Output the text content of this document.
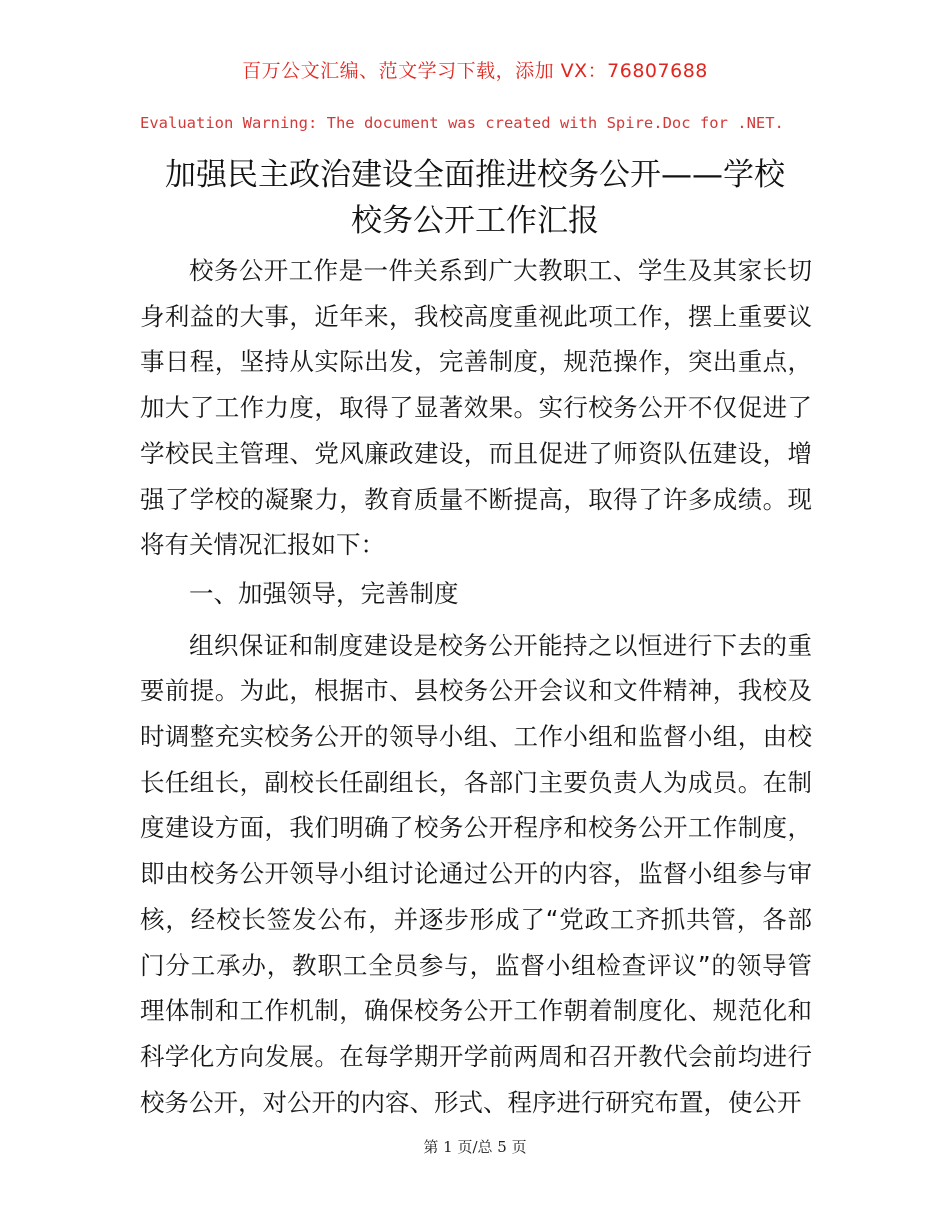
百万公文汇编、范文学习下载，添加 VX：76807688
Evaluation Warning: The document was created with Spire.Doc for .NET.
加强民主政治建设全面推进校务公开——学校
校务公开工作汇报

校务公开工作是一件关系到广大教职工、学生及其家长切身利益的大事，近年来，我校高度重视此项工作，摆上重要议事日程，坚持从实际出发，完善制度，规范操作，突出重点，加大了工作力度，取得了显著效果。实行校务公开不仅促进了学校民主管理、党风廉政建设，而且促进了师资队伍建设，增强了学校的凝聚力，教育质量不断提高，取得了许多成绩。现将有关情况汇报如下：

一、加强领导，完善制度

组织保证和制度建设是校务公开能持之以恒进行下去的重要前提。为此，根据市、县校务公开会议和文件精神，我校及时调整充实校务公开的领导小组、工作小组和监督小组，由校长任组长，副校长任副组长，各部门主要负责人为成员。在制度建设方面，我们明确了校务公开程序和校务公开工作制度，即由校务公开领导小组讨论通过公开的内容，监督小组参与审核，经校长签发公布，并逐步形成了“党政工齐抓共管，各部门分工承办，教职工全员参与，监督小组检查评议”的领导管理体制和工作机制，确保校务公开工作朝着制度化、规范化和科学化方向发展。在每学期开学前两周和召开教代会前均进行校务公开，对公开的内容、形式、程序进行研究布置，使公开

第 1 页/总 5 页
